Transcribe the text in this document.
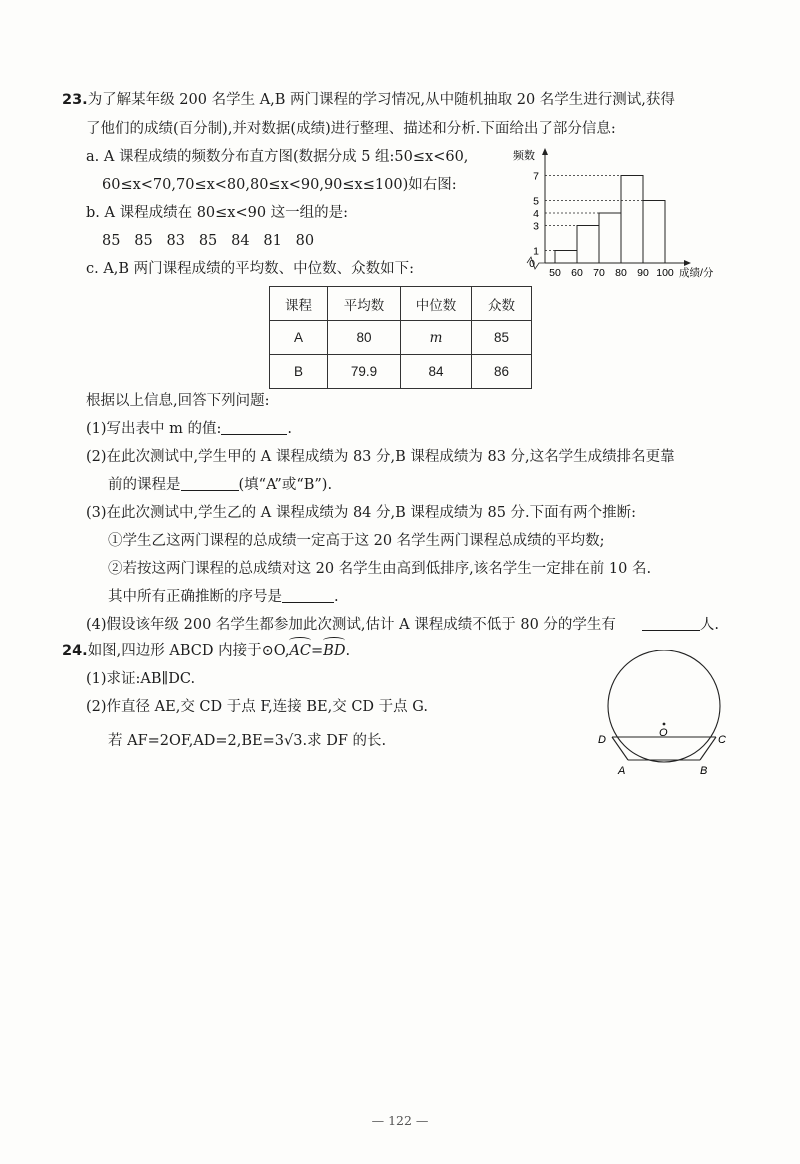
23.为了解某年级 200 名学生 A,B 两门课程的学习情况,从中随机抽取 20 名学生进行测试,获得
了他们的成绩(百分制),并对数据(成绩)进行整理、描述和分析.下面给出了部分信息:
a. A 课程成绩的频数分布直方图(数据分成 5 组:50≤x<60,
60≤x<70,70≤x<80,80≤x<90,90≤x≤100)如右图:
b. A 课程成绩在 80≤x<90 这一组的是:
85   85   83   85   84   81   80
c. A,B 两门课程成绩的平均数、中位数、众数如下:
频数
成绩/分
50 60 70 80 90 100
0
1
3
4
5
7
课程	平均数	中位数	众数
A	80	m	85
B	79.9	84	86
根据以上信息,回答下列问题:
(1)写出表中 m 的值:	.
(2)在此次测试中,学生甲的 A 课程成绩为 83 分,B 课程成绩为 83 分,这名学生成绩排名更靠
前的课程是	(填“A”或“B”).
(3)在此次测试中,学生乙的 A 课程成绩为 84 分,B 课程成绩为 85 分.下面有两个推断:
①学生乙这两门课程的总成绩一定高于这 20 名学生两门课程总成绩的平均数;
②若按这两门课程的总成绩对这 20 名学生由高到低排序,该名学生一定排在前 10 名.
其中所有正确推断的序号是	.
(4)假设该年级 200 名学生都参加此次测试,估计 A 课程成绩不低于 80 分的学生有	人.
24.如图,四边形 ABCD 内接于⊙O,AC=BD.
(1)求证:AB∥DC.
(2)作直径 AE,交 CD 于点 F,连接 BE,交 CD 于点 G.
若 AF=2OF,AD=2,BE=3√3.求 DF 的长.	O
D	C
A	B
— 122 —
